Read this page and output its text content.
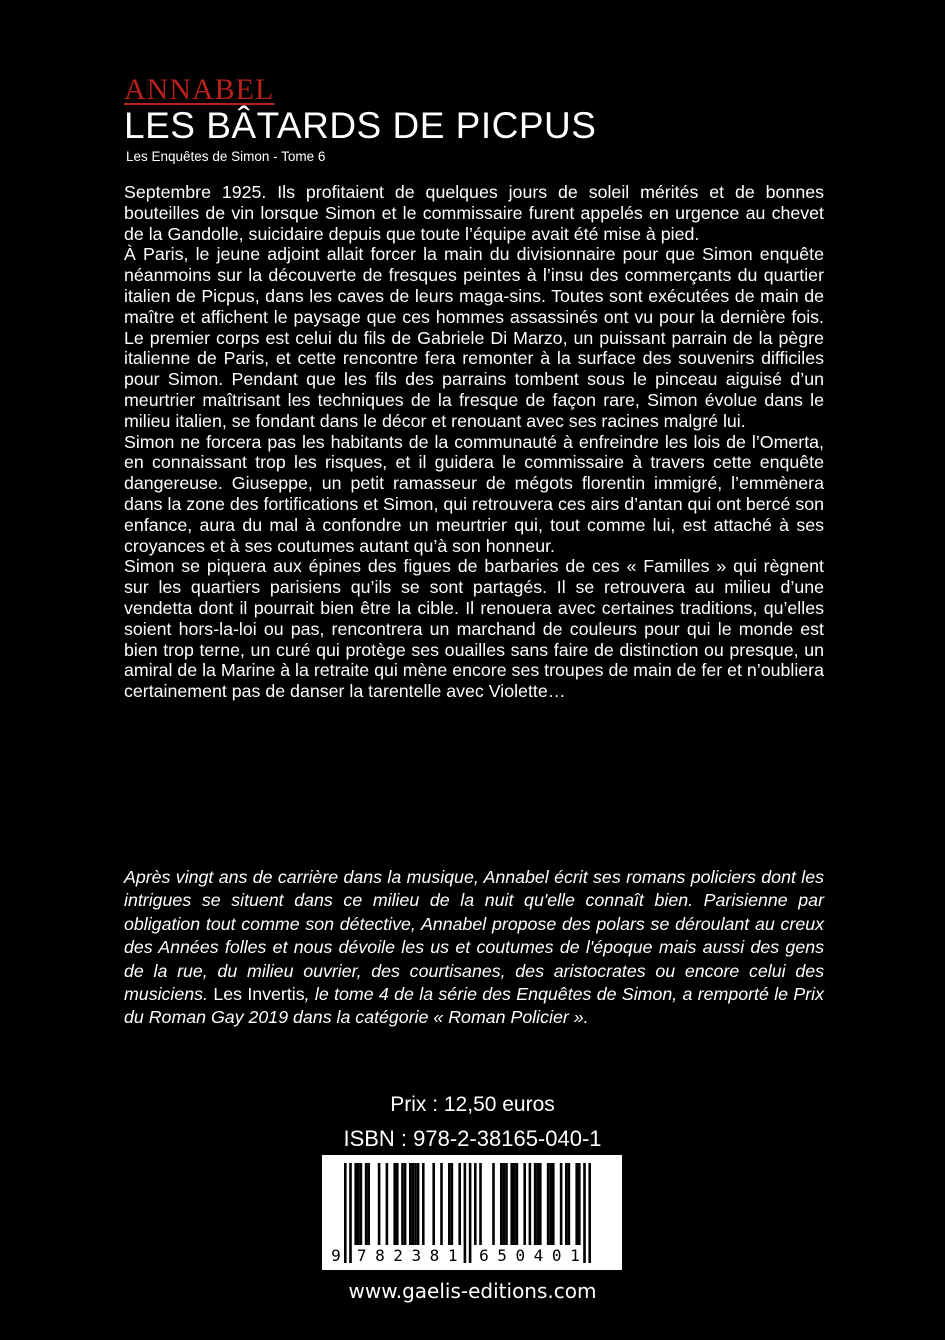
ANNABEL
LES BÂTARDS DE PICPUS
Les Enquêtes de Simon - Tome 6

Septembre 1925. Ils profitaient de quelques jours de soleil mérités et de bonnes bouteilles de vin lorsque Simon et le commissaire furent appelés en urgence au chevet de la Gandolle, suicidaire depuis que toute l’équipe avait été mise à pied.

À Paris, le jeune adjoint allait forcer la main du divisionnaire pour que Simon enquête néanmoins sur la découverte de fresques peintes à l’insu des commerçants du quartier italien de Picpus, dans les caves de leurs maga-sins. Toutes sont exécutées de main de maître et affichent le paysage que ces hommes assassinés ont vu pour la dernière fois. Le premier corps est celui du fils de Gabriele Di Marzo, un puissant parrain de la pègre italienne de Paris, et cette rencontre fera remonter à la surface des souvenirs difficiles pour Simon. Pendant que les fils des parrains tombent sous le pinceau aiguisé d’un meurtrier maîtrisant les techniques de la fresque de façon rare, Simon évolue dans le milieu italien, se fondant dans le décor et renouant avec ses racines malgré lui.

Simon ne forcera pas les habitants de la communauté à enfreindre les lois de l’Omerta, en connaissant trop les risques, et il guidera le commissaire à travers cette enquête dangereuse. Giuseppe, un petit ramasseur de mégots florentin immigré, l’emmènera dans la zone des fortifications et Simon, qui retrouvera ces airs d’antan qui ont bercé son enfance, aura du mal à confondre un meurtrier qui, tout comme lui, est attaché à ses croyances et à ses coutumes autant qu’à son honneur.

Simon se piquera aux épines des figues de barbaries de ces « Familles » qui règnent sur les quartiers parisiens qu’ils se sont partagés. Il se retrouvera au milieu d’une vendetta dont il pourrait bien être la cible. Il renouera avec certaines traditions, qu’elles soient hors-la-loi ou pas, rencontrera un marchand de couleurs pour qui le monde est bien trop terne, un curé qui protège ses ouailles sans faire de distinction ou presque, un amiral de la Marine à la retraite qui mène encore ses troupes de main de fer et n’oubliera certainement pas de danser la tarentelle avec Violette…

Après vingt ans de carrière dans la musique, Annabel écrit ses romans policiers dont les intrigues se situent dans ce milieu de la nuit qu'elle connaît bien. Parisienne par obligation tout comme son détective, Annabel propose des polars se déroulant au creux des Années folles et nous dévoile les us et coutumes de l'époque mais aussi des gens de la rue, du milieu ouvrier, des courtisanes, des aristocrates ou encore celui des musiciens. Les Invertis, le tome 4 de la série des Enquêtes de Simon, a remporté le Prix du Roman Gay 2019 dans la catégorie « Roman Policier ».
Prix : 12,50 euros
ISBN : 978-2-38165-040-1
9 7 8 2 3 8 1 6 5 0 4 0 1
www.gaelis-editions.com
